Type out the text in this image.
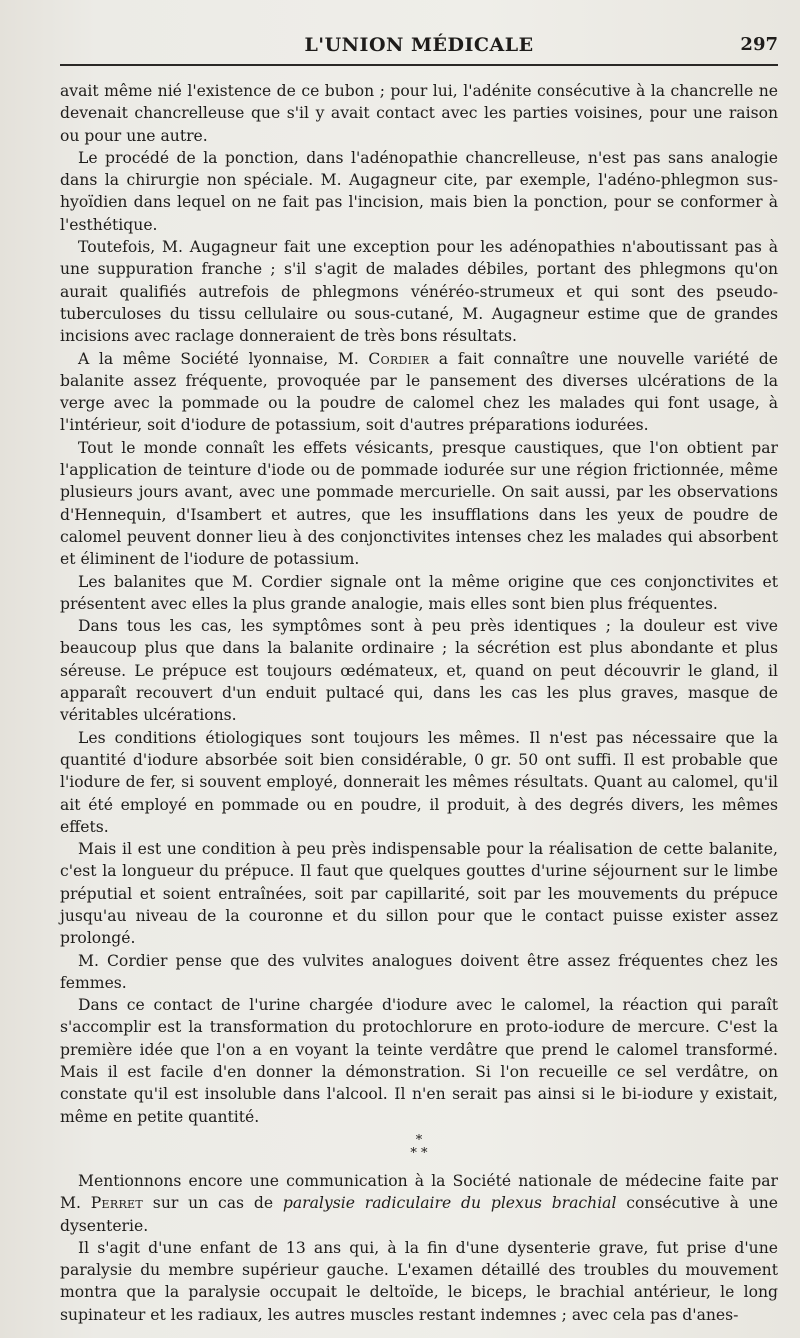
L'UNION MÉDICALE	297

avait même nié l'existence de ce bubon ; pour lui, l'adénite consécutive à la chancrelle ne devenait chancrelleuse que s'il y avait contact avec les parties voisines, pour une raison ou pour une autre.

Le procédé de la ponction, dans l'adénopathie chancrelleuse, n'est pas sans analogie dans la chirurgie non spéciale. M. Augagneur cite, par exemple, l'adéno-phlegmon sus-hyoïdien dans lequel on ne fait pas l'incision, mais bien la ponction, pour se conformer à l'esthétique.

Toutefois, M. Augagneur fait une exception pour les adénopathies n'aboutissant pas à une suppuration franche ; s'il s'agit de malades débiles, portant des phlegmons qu'on aurait qualifiés autrefois de phlegmons vénéréo-strumeux et qui sont des pseudo-tuberculoses du tissu cellulaire ou sous-cutané, M. Augagneur estime que de grandes incisions avec raclage donneraient de très bons résultats.

A la même Société lyonnaise, M. Cordier a fait connaître une nouvelle variété de balanite assez fréquente, provoquée par le pansement des diverses ulcérations de la verge avec la pommade ou la poudre de calomel chez les malades qui font usage, à l'intérieur, soit d'iodure de potassium, soit d'autres préparations iodurées.

Tout le monde connaît les effets vésicants, presque caustiques, que l'on obtient par l'application de teinture d'iode ou de pommade iodurée sur une région frictionnée, même plusieurs jours avant, avec une pommade mercurielle. On sait aussi, par les observations d'Hennequin, d'Isambert et autres, que les insufflations dans les yeux de poudre de calomel peuvent donner lieu à des conjonctivites intenses chez les malades qui absorbent et éliminent de l'iodure de potassium.

Les balanites que M. Cordier signale ont la même origine que ces conjonctivites et présentent avec elles la plus grande analogie, mais elles sont bien plus fréquentes.

Dans tous les cas, les symptômes sont à peu près identiques ; la douleur est vive beaucoup plus que dans la balanite ordinaire ; la sécrétion est plus abondante et plus séreuse. Le prépuce est toujours œdémateux, et, quand on peut découvrir le gland, il apparaît recouvert d'un enduit pultacé qui, dans les cas les plus graves, masque de véritables ulcérations.

Les conditions étiologiques sont toujours les mêmes. Il n'est pas nécessaire que la quantité d'iodure absorbée soit bien considérable, 0 gr. 50 ont suffi. Il est probable que l'iodure de fer, si souvent employé, donnerait les mêmes résultats. Quant au calomel, qu'il ait été employé en pommade ou en poudre, il produit, à des degrés divers, les mêmes effets.

Mais il est une condition à peu près indispensable pour la réalisation de cette balanite, c'est la longueur du prépuce. Il faut que quelques gouttes d'urine séjournent sur le limbe préputial et soient entraînées, soit par capillarité, soit par les mouvements du prépuce jusqu'au niveau de la couronne et du sillon pour que le contact puisse exister assez prolongé.

M. Cordier pense que des vulvites analogues doivent être assez fréquentes chez les femmes.

Dans ce contact de l'urine chargée d'iodure avec le calomel, la réaction qui paraît s'accomplir est la transformation du protochlorure en proto-iodure de mercure. C'est la première idée que l'on a en voyant la teinte verdâtre que prend le calomel transformé. Mais il est facile d'en donner la démonstration. Si l'on recueille ce sel verdâtre, on constate qu'il est insoluble dans l'alcool. Il n'en serait pas ainsi si le bi-iodure y existait, même en petite quantité.

*
* *

Mentionnons encore une communication à la Société nationale de médecine faite par M. Perret sur un cas de paralysie radiculaire du plexus brachial consécutive à une dysenterie.

Il s'agit d'une enfant de 13 ans qui, à la fin d'une dysenterie grave, fut prise d'une paralysie du membre supérieur gauche. L'examen détaillé des troubles du mouvement montra que la paralysie occupait le deltoïde, le biceps, le brachial antérieur, le long supinateur et les radiaux, les autres muscles restant indemnes ; avec cela pas d'anes-
